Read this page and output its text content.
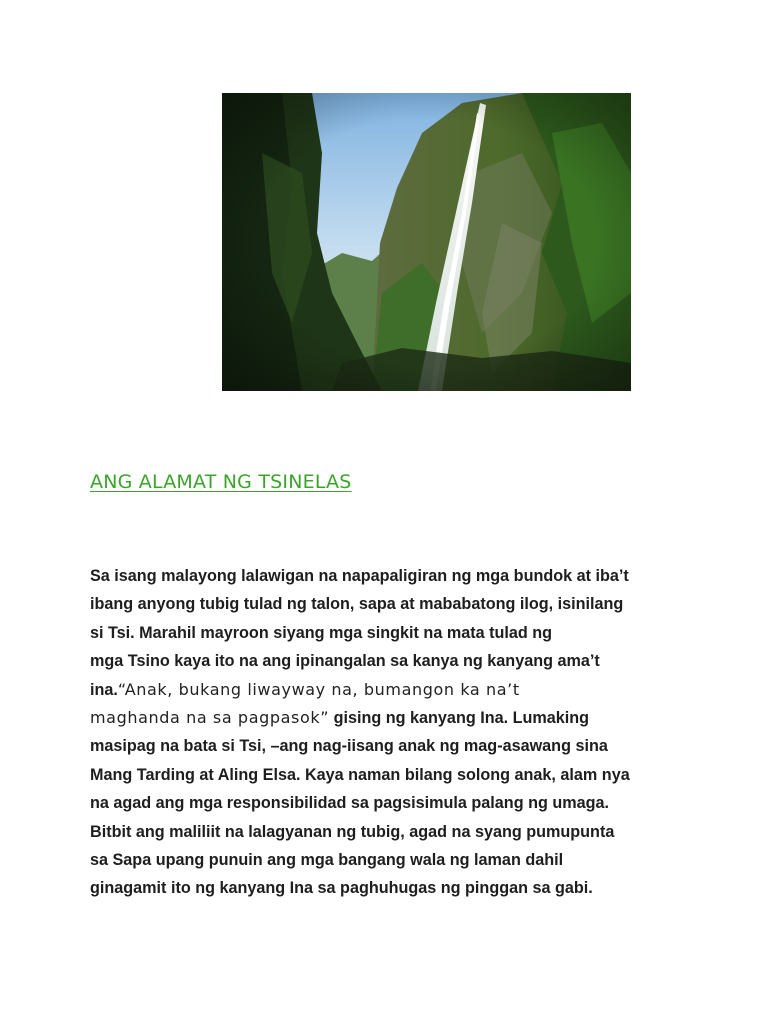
ANG ALAMAT NG TSINELAS
Sa isang malayong lalawigan na napapaligiran ng mga bundok at iba’t
ibang anyong tubig tulad ng talon, sapa at mababatong ilog, isinilang
si Tsi. Marahil mayroon siyang mga singkit na mata tulad ng
mga Tsino kaya ito na ang ipinangalan sa kanya ng kanyang ama’t
ina.“Anak, bukang liwayway na, bumangon ka na’t
maghanda na sa pagpasok” gising ng kanyang Ina. Lumaking
masipag na bata si Tsi, –ang nag-iisang anak ng mag-asawang sina
Mang Tarding at Aling Elsa. Kaya naman bilang solong anak, alam nya
na agad ang mga responsibilidad sa pagsisimula palang ng umaga.
Bitbit ang maliliit na lalagyanan ng tubig, agad na syang pumupunta
sa Sapa upang punuin ang mga bangang wala ng laman dahil
ginagamit ito ng kanyang Ina sa paghuhugas ng pinggan sa gabi.
